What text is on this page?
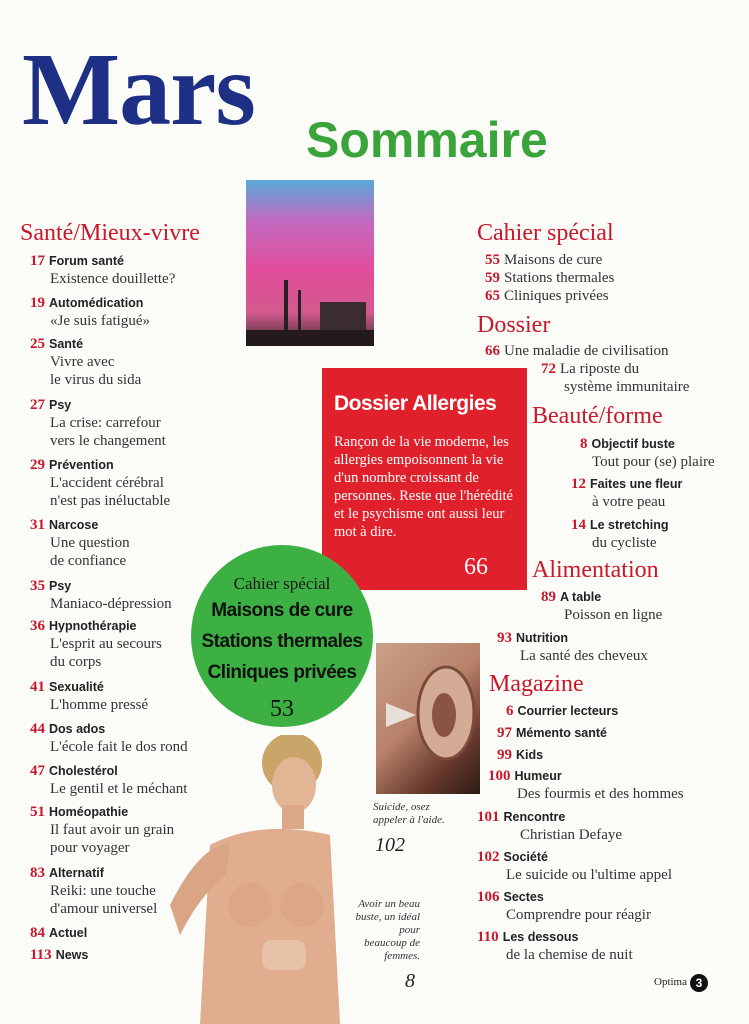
Mars Sommaire
Santé/Mieux-vivre
17 Forum santé
Existence douillette?
19 Automédication
«Je suis fatigué»
25 Santé
Vivre avec
le virus du sida
27 Psy
La crise: carrefour
vers le changement
29 Prévention
L'accident cérébral
n'est pas inéluctable
31 Narcose
Une question
de confiance
35 Psy
Maniaco-dépression
36 Hypnothérapie
L'esprit au secours
du corps
41 Sexualité
L'homme pressé
44 Dos ados
L'école fait le dos rond
47 Cholestérol
Le gentil et le méchant
51 Homéopathie
Il faut avoir un grain
pour voyager
83 Alternatif
Reiki: une touche
d'amour universel
84 Actuel
113 News
Dossier Allergies
Rançon de la vie moderne, les allergies empoisonnent la vie d'un nombre croissant de personnes. Reste que l'hérédité et le psychisme ont aussi leur mot à dire.
66
Cahier spécial
Maisons de cure
Stations thermales
Cliniques privées
53
Suicide, osez appeler à l'aide.
102
Avoir un beau buste, un idéal pour beaucoup de femmes.
8
Cahier spécial
55 Maisons de cure
59 Stations thermales
65 Cliniques privées
Dossier
66 Une maladie de civilisation
72 La riposte du
système immunitaire
Beauté/forme
8 Objectif buste
Tout pour (se) plaire
12 Faites une fleur
à votre peau
14 Le stretching
du cycliste
Alimentation
89 A table
Poisson en ligne
93 Nutrition
La santé des cheveux
Magazine
6 Courrier lecteurs
97 Mémento santé
99 Kids
100 Humeur
Des fourmis et des hommes
101 Rencontre
Christian Defaye
102 Société
Le suicide ou l'ultime appel
106 Sectes
Comprendre pour réagir
110 Les dessous
de la chemise de nuit
Optima 3
